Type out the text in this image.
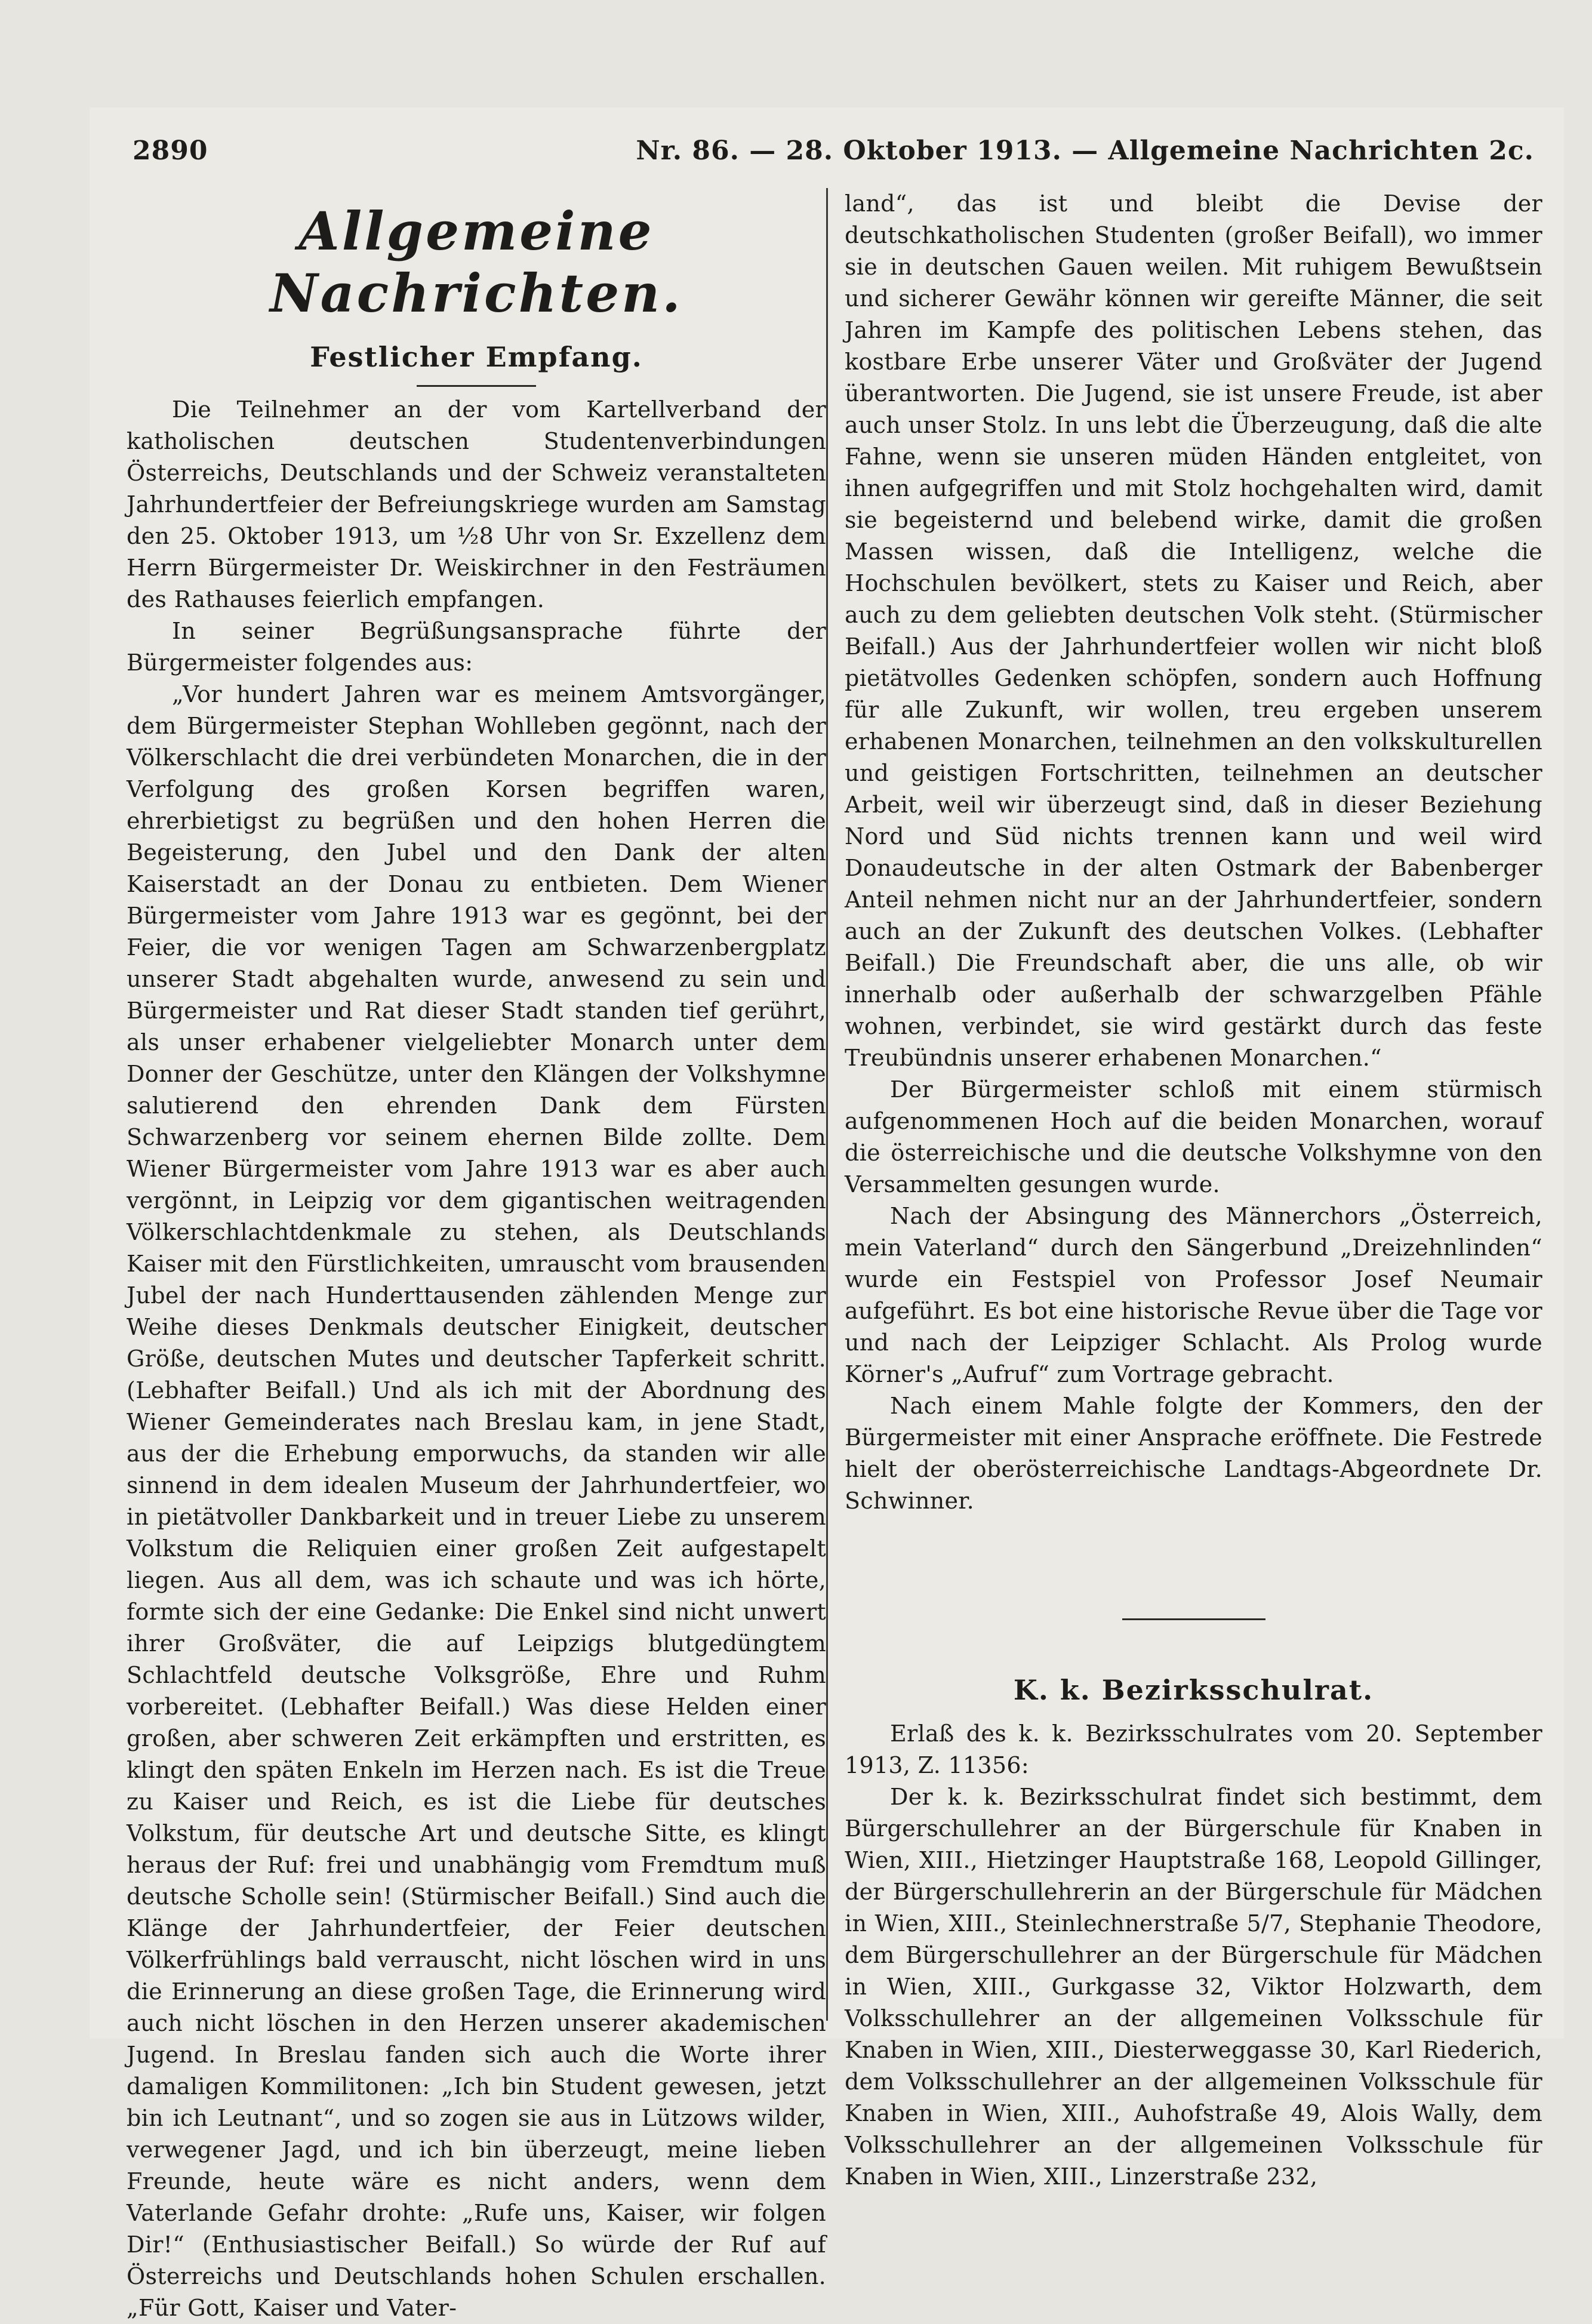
2890	Nr. 86. — 28. Oktober 1913. — Allgemeine Nachrichten 2c.
Allgemeine Nachrichten.
Festlicher Empfang.

Die Teilnehmer an der vom Kartellverband der katholischen deutschen Studentenverbindungen Österreichs, Deutschlands und der Schweiz veranstalteten Jahrhundertfeier der Befreiungskriege wurden am Samstag den 25. Oktober 1913, um ½8 Uhr von Sr. Exzellenz dem Herrn Bürgermeister Dr. Weiskirchner in den Festräumen des Rathauses feierlich empfangen.

In seiner Begrüßungsansprache führte der Bürgermeister folgendes aus:

„Vor hundert Jahren war es meinem Amtsvorgänger, dem Bürgermeister Stephan Wohlleben gegönnt, nach der Völkerschlacht die drei verbündeten Monarchen, die in der Verfolgung des großen Korsen begriffen waren, ehrerbietigst zu begrüßen und den hohen Herren die Begeisterung, den Jubel und den Dank der alten Kaiserstadt an der Donau zu entbieten. Dem Wiener Bürgermeister vom Jahre 1913 war es gegönnt, bei der Feier, die vor wenigen Tagen am Schwarzenbergplatz unserer Stadt abgehalten wurde, anwesend zu sein und Bürgermeister und Rat dieser Stadt standen tief gerührt, als unser erhabener vielgeliebter Monarch unter dem Donner der Geschütze, unter den Klängen der Volkshymne salutierend den ehrenden Dank dem Fürsten Schwarzenberg vor seinem ehernen Bilde zollte. Dem Wiener Bürgermeister vom Jahre 1913 war es aber auch vergönnt, in Leipzig vor dem gigantischen weitragenden Völkerschlachtdenkmale zu stehen, als Deutschlands Kaiser mit den Fürstlichkeiten, umrauscht vom brausenden Jubel der nach Hunderttausenden zählenden Menge zur Weihe dieses Denkmals deutscher Einigkeit, deutscher Größe, deutschen Mutes und deutscher Tapferkeit schritt. (Lebhafter Beifall.) Und als ich mit der Abordnung des Wiener Gemeinderates nach Breslau kam, in jene Stadt, aus der die Erhebung emporwuchs, da standen wir alle sinnend in dem idealen Museum der Jahrhundertfeier, wo in pietätvoller Dankbarkeit und in treuer Liebe zu unserem Volkstum die Reliquien einer großen Zeit aufgestapelt liegen. Aus all dem, was ich schaute und was ich hörte, formte sich der eine Gedanke: Die Enkel sind nicht unwert ihrer Großväter, die auf Leipzigs blutgedüngtem Schlachtfeld deutsche Volksgröße, Ehre und Ruhm vorbereitet. (Lebhafter Beifall.) Was diese Helden einer großen, aber schweren Zeit erkämpften und erstritten, es klingt den späten Enkeln im Herzen nach. Es ist die Treue zu Kaiser und Reich, es ist die Liebe für deutsches Volkstum, für deutsche Art und deutsche Sitte, es klingt heraus der Ruf: frei und unabhängig vom Fremdtum muß deutsche Scholle sein! (Stürmischer Beifall.) Sind auch die Klänge der Jahrhundertfeier, der Feier deutschen Völkerfrühlings bald verrauscht, nicht löschen wird in uns die Erinnerung an diese großen Tage, die Erinnerung wird auch nicht löschen in den Herzen unserer akademischen Jugend. In Breslau fanden sich auch die Worte ihrer damaligen Kommilitonen: „Ich bin Student gewesen, jetzt bin ich Leutnant“, und so zogen sie aus in Lützows wilder, verwegener Jagd, und ich bin überzeugt, meine lieben Freunde, heute wäre es nicht anders, wenn dem Vaterlande Gefahr drohte: „Rufe uns, Kaiser, wir folgen Dir!“ (Enthusiastischer Beifall.) So würde der Ruf auf Österreichs und Deutschlands hohen Schulen erschallen. „Für Gott, Kaiser und Vater-

land“, das ist und bleibt die Devise der deutschkatholischen Studenten (großer Beifall), wo immer sie in deutschen Gauen weilen. Mit ruhigem Bewußtsein und sicherer Gewähr können wir gereifte Männer, die seit Jahren im Kampfe des politischen Lebens stehen, das kostbare Erbe unserer Väter und Großväter der Jugend überantworten. Die Jugend, sie ist unsere Freude, ist aber auch unser Stolz. In uns lebt die Überzeugung, daß die alte Fahne, wenn sie unseren müden Händen entgleitet, von ihnen aufgegriffen und mit Stolz hochgehalten wird, damit sie begeisternd und belebend wirke, damit die großen Massen wissen, daß die Intelligenz, welche die Hochschulen bevölkert, stets zu Kaiser und Reich, aber auch zu dem geliebten deutschen Volk steht. (Stürmischer Beifall.) Aus der Jahrhundertfeier wollen wir nicht bloß pietätvolles Gedenken schöpfen, sondern auch Hoffnung für alle Zukunft, wir wollen, treu ergeben unserem erhabenen Monarchen, teilnehmen an den volkskulturellen und geistigen Fortschritten, teilnehmen an deutscher Arbeit, weil wir überzeugt sind, daß in dieser Beziehung Nord und Süd nichts trennen kann und weil wird Donaudeutsche in der alten Ostmark der Babenberger Anteil nehmen nicht nur an der Jahrhundertfeier, sondern auch an der Zukunft des deutschen Volkes. (Lebhafter Beifall.) Die Freundschaft aber, die uns alle, ob wir innerhalb oder außerhalb der schwarzgelben Pfähle wohnen, verbindet, sie wird gestärkt durch das feste Treubündnis unserer erhabenen Monarchen.“

Der Bürgermeister schloß mit einem stürmisch aufgenommenen Hoch auf die beiden Monarchen, worauf die österreichische und die deutsche Volkshymne von den Versammelten gesungen wurde.

Nach der Absingung des Männerchors „Österreich, mein Vaterland“ durch den Sängerbund „Dreizehnlinden“ wurde ein Festspiel von Professor Josef Neumair aufgeführt. Es bot eine historische Revue über die Tage vor und nach der Leipziger Schlacht. Als Prolog wurde Körner's „Aufruf“ zum Vortrage gebracht.

Nach einem Mahle folgte der Kommers, den der Bürgermeister mit einer Ansprache eröffnete. Die Festrede hielt der oberösterreichische Landtags-Abgeordnete Dr. Schwinner.

K. k. Bezirksschulrat.

Erlaß des k. k. Bezirksschulrates vom 20. September 1913, Z. 11356:

Der k. k. Bezirksschulrat findet sich bestimmt, dem Bürgerschullehrer an der Bürgerschule für Knaben in Wien, XIII., Hietzinger Hauptstraße 168, Leopold Gillinger, der Bürgerschullehrerin an der Bürgerschule für Mädchen in Wien, XIII., Steinlechnerstraße 5/7, Stephanie Theodore, dem Bürgerschullehrer an der Bürgerschule für Mädchen in Wien, XIII., Gurkgasse 32, Viktor Holzwarth, dem Volksschullehrer an der allgemeinen Volksschule für Knaben in Wien, XIII., Diesterweggasse 30, Karl Riederich, dem Volksschullehrer an der allgemeinen Volksschule für Knaben in Wien, XIII., Auhofstraße 49, Alois Wally, dem Volksschullehrer an der allgemeinen Volksschule für Knaben in Wien, XIII., Linzerstraße 232,
